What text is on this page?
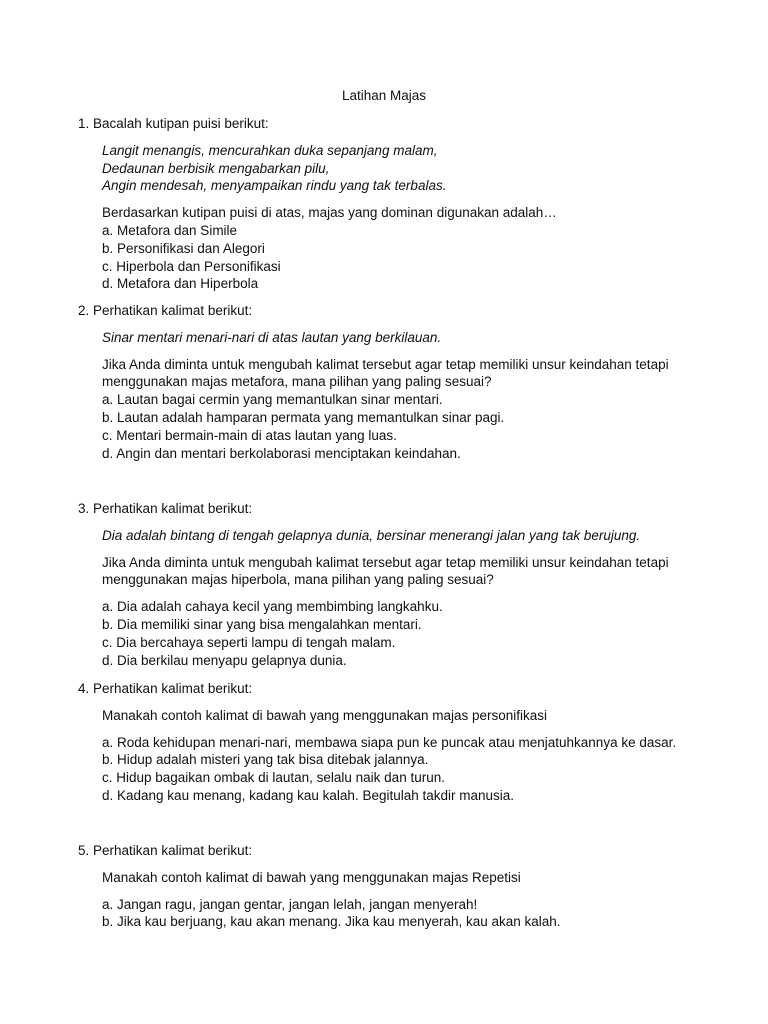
Latihan Majas
1. Bacalah kutipan puisi berikut:
Langit menangis, mencurahkan duka sepanjang malam,
Dedaunan berbisik mengabarkan pilu,
Angin mendesah, menyampaikan rindu yang tak terbalas.
Berdasarkan kutipan puisi di atas, majas yang dominan digunakan adalah…
a. Metafora dan Simile
b. Personifikasi dan Alegori
c. Hiperbola dan Personifikasi
d. Metafora dan Hiperbola
2. Perhatikan kalimat berikut:
Sinar mentari menari-nari di atas lautan yang berkilauan.
Jika Anda diminta untuk mengubah kalimat tersebut agar tetap memiliki unsur keindahan tetapi
menggunakan majas metafora, mana pilihan yang paling sesuai?
a. Lautan bagai cermin yang memantulkan sinar mentari.
b. Lautan adalah hamparan permata yang memantulkan sinar pagi.
c. Mentari bermain-main di atas lautan yang luas.
d. Angin dan mentari berkolaborasi menciptakan keindahan.
3. Perhatikan kalimat berikut:
Dia adalah bintang di tengah gelapnya dunia, bersinar menerangi jalan yang tak berujung.
Jika Anda diminta untuk mengubah kalimat tersebut agar tetap memiliki unsur keindahan tetapi
menggunakan majas hiperbola, mana pilihan yang paling sesuai?
a. Dia adalah cahaya kecil yang membimbing langkahku.
b. Dia memiliki sinar yang bisa mengalahkan mentari.
c. Dia bercahaya seperti lampu di tengah malam.
d. Dia berkilau menyapu gelapnya dunia.
4. Perhatikan kalimat berikut:
Manakah contoh kalimat di bawah yang menggunakan majas personifikasi
a. Roda kehidupan menari-nari, membawa siapa pun ke puncak atau menjatuhkannya ke dasar.
b. Hidup adalah misteri yang tak bisa ditebak jalannya.
c. Hidup bagaikan ombak di lautan, selalu naik dan turun.
d. Kadang kau menang, kadang kau kalah. Begitulah takdir manusia.
5. Perhatikan kalimat berikut:
Manakah contoh kalimat di bawah yang menggunakan majas Repetisi
a. Jangan ragu, jangan gentar, jangan lelah, jangan menyerah!
b. Jika kau berjuang, kau akan menang. Jika kau menyerah, kau akan kalah.
